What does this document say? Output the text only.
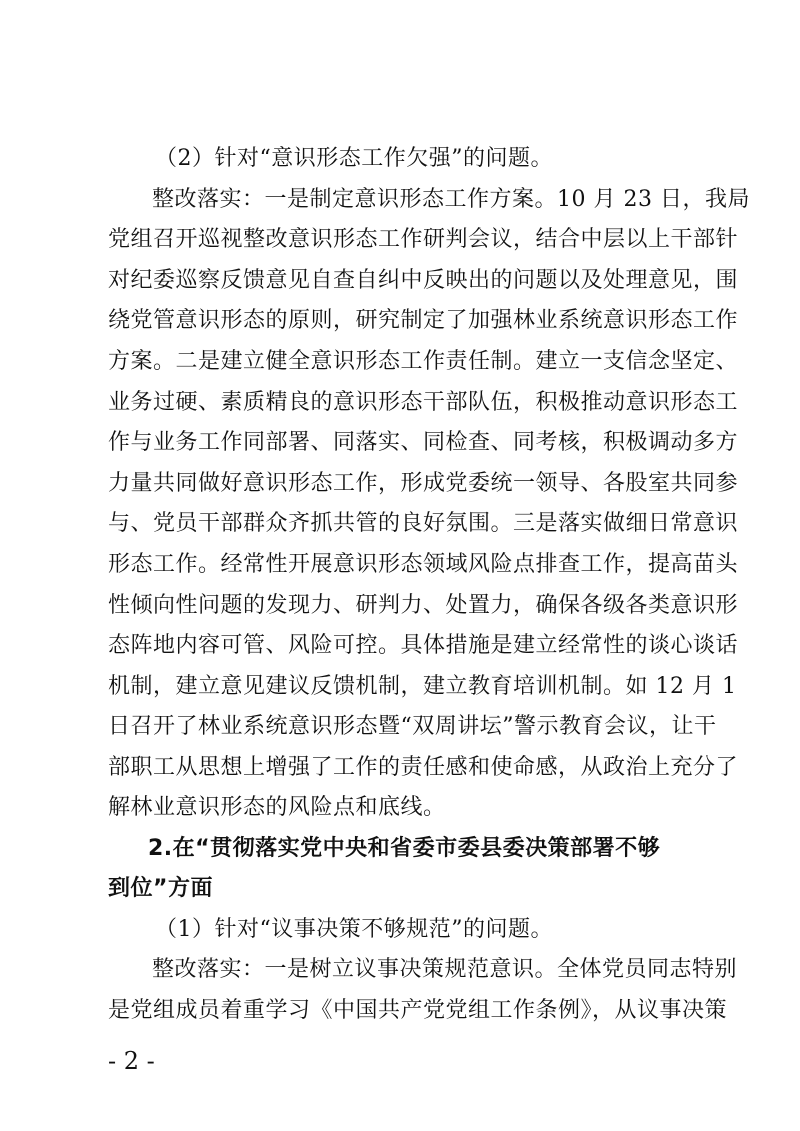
（2）针对“意识形态工作欠强”的问题。
整改落实：一是制定意识形态工作方案。10 月 23 日，我局
党组召开巡视整改意识形态工作研判会议，结合中层以上干部针
对纪委巡察反馈意见自查自纠中反映出的问题以及处理意见，围
绕党管意识形态的原则，研究制定了加强林业系统意识形态工作
方案。二是建立健全意识形态工作责任制。建立一支信念坚定、
业务过硬、素质精良的意识形态干部队伍，积极推动意识形态工
作与业务工作同部署、同落实、同检查、同考核，积极调动多方
力量共同做好意识形态工作，形成党委统一领导、各股室共同参
与、党员干部群众齐抓共管的良好氛围。三是落实做细日常意识
形态工作。经常性开展意识形态领域风险点排查工作，提高苗头
性倾向性问题的发现力、研判力、处置力，确保各级各类意识形
态阵地内容可管、风险可控。具体措施是建立经常性的谈心谈话
机制，建立意见建议反馈机制，建立教育培训机制。如 12 月 1
日召开了林业系统意识形态暨“双周讲坛”警示教育会议，让干
部职工从思想上增强了工作的责任感和使命感，从政治上充分了
解林业意识形态的风险点和底线。
2.在“贯彻落实党中央和省委市委县委决策部署不够
到位”方面
（1）针对“议事决策不够规范”的问题。
整改落实：一是树立议事决策规范意识。全体党员同志特别
是党组成员着重学习《中国共产党党组工作条例》，从议事决策
- 2 -
